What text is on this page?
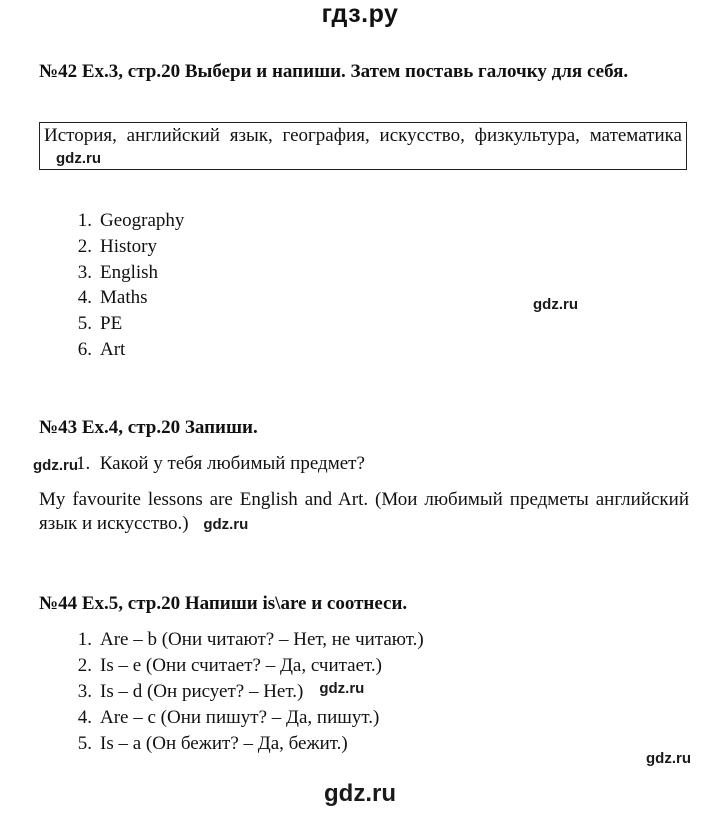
гдз.ру
№42 Ex.3, стр.20 Выбери и напиши. Затем поставь галочку для себя.
История, английский язык, география, искусство, физкультура, математика gdz.ru
1. Geography
2. History
3. English
4. Maths
5. PE
6. Art
gdz.ru
№43 Ex.4, стр.20 Запиши.
gdz.ru
1. Какой у тебя любимый предмет?
My favourite lessons are English and Art. (Мои любимый предметы английский язык и искусство.) gdz.ru
№44 Ex.5, стр.20 Напиши is\are и соотнеси.
1. Are – b (Они читают? – Нет, не читают.)
2. Is – e (Они считает? – Да, считает.)
3. Is – d (Он рисует? – Нет.) $^{gdz.ru}$
4. Are – c (Они пишут? – Да, пишут.)
5. Is – a (Он бежит? – Да, бежит.)
gdz.ru
gdz.ru
